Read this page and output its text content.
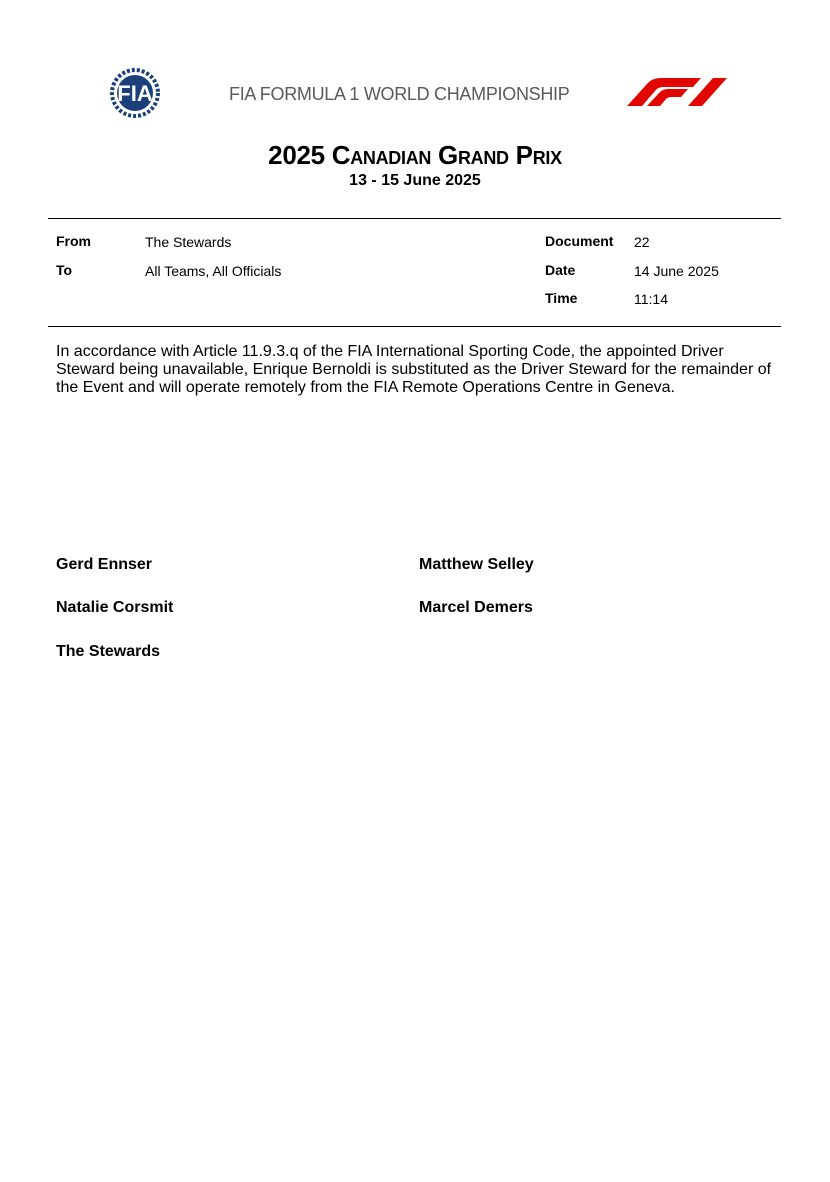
FIA	FIA FORMULA 1 WORLD CHAMPIONSHIP
F1
2025 Canadian Grand Prix
13 - 15 June 2025
From	The Stewards
To	All Teams, All Officials
Document 22
Date	14 June 2025
Time	11:14

In accordance with Article 11.9.3.q of the FIA International Sporting Code, the appointed Driver Steward being unavailable, Enrique Bernoldi is substituted as the Driver Steward for the remainder of the Event and will operate remotely from the FIA Remote Operations Centre in Geneva.

Gerd Ennser	Matthew Selley
Natalie Corsmit	Marcel Demers
The Stewards
